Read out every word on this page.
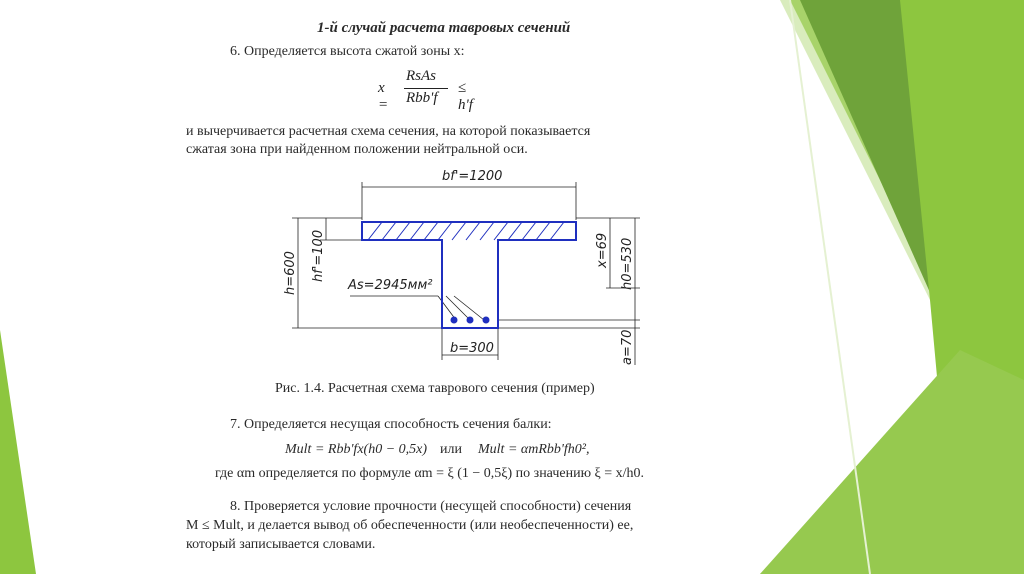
1-й случай расчета тавровых сечений
6. Определяется высота сжатой зоны x:
x =
RsAs
Rbb'f
≤ h'f
и вычерчивается расчетная схема сечения, на которой показывается
сжатая зона при найденном положении нейтральной оси.
bf'=1200
h=600 hf'=100	x=69 h0=530
As=2945мм²
b=300	a=70
Рис. 1.4. Расчетная схема таврового сечения (пример)
7. Определяется несущая способность сечения балки:
Mult = Rbb'fx(h0 − 0,5x) или Mult = αmRbb'fh0²,
где αm определяется по формуле αm = ξ (1 − 0,5ξ) по значению ξ = x/h0.
8. Проверяется условие прочности (несущей способности) сечения
M ≤ Mult, и делается вывод об обеспеченности (или необеспеченности) ее,
который записывается словами.
